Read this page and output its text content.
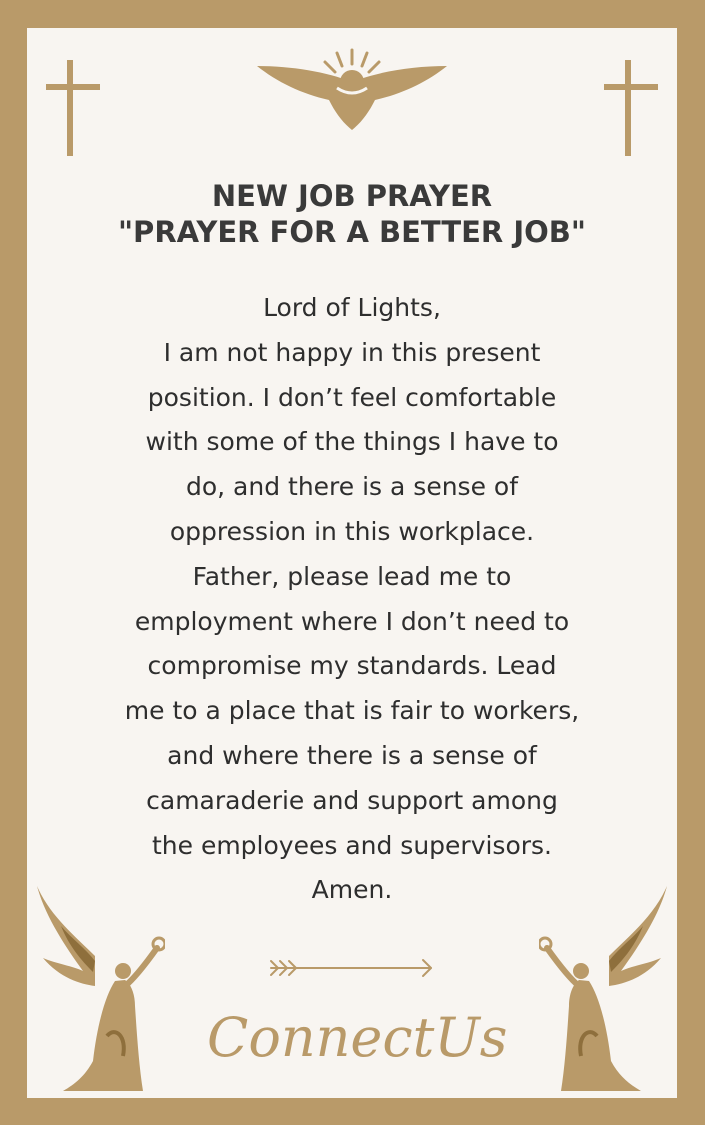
NEW JOB PRAYER
"PRAYER FOR A BETTER JOB"
Lord of Lights,
I am not happy in this present
position. I don’t feel comfortable
with some of the things I have to
do, and there is a sense of
oppression in this workplace.
Father, please lead me to
employment where I don’t need to
compromise my standards. Lead
me to a place that is fair to workers,
and where there is a sense of
camaraderie and support among
the employees and supervisors.
Amen.
ConnectUs
